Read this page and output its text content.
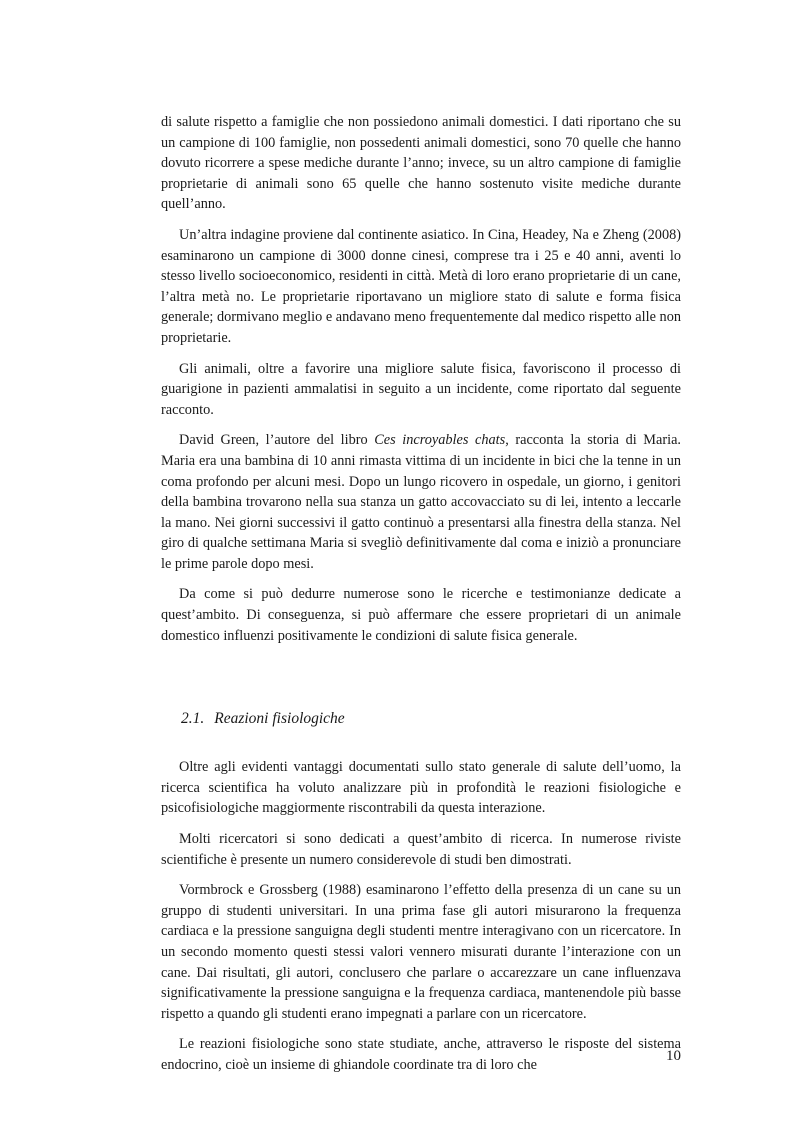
di salute rispetto a famiglie che non possiedono animali domestici. I dati riportano che su un campione di 100 famiglie, non possedenti animali domestici, sono 70 quelle che hanno dovuto ricorrere a spese mediche durante l’anno; invece, su un altro campione di famiglie proprietarie di animali sono 65 quelle che hanno sostenuto visite mediche durante quell’anno.

Un’altra indagine proviene dal continente asiatico. In Cina, Headey, Na e Zheng (2008) esaminarono un campione di 3000 donne cinesi, comprese tra i 25 e 40 anni, aventi lo stesso livello socioeconomico, residenti in città. Metà di loro erano proprietarie di un cane, l’altra metà no. Le proprietarie riportavano un migliore stato di salute e forma fisica generale; dormivano meglio e andavano meno frequentemente dal medico rispetto alle non proprietarie.

Gli animali, oltre a favorire una migliore salute fisica, favoriscono il processo di guarigione in pazienti ammalatisi in seguito a un incidente, come riportato dal seguente racconto.

David Green, l’autore del libro Ces incroyables chats, racconta la storia di Maria. Maria era una bambina di 10 anni rimasta vittima di un incidente in bici che la tenne in un coma profondo per alcuni mesi. Dopo un lungo ricovero in ospedale, un giorno, i genitori della bambina trovarono nella sua stanza un gatto accovacciato su di lei, intento a leccarle la mano. Nei giorni successivi il gatto continuò a presentarsi alla finestra della stanza. Nel giro di qualche settimana Maria si svegliò definitivamente dal coma e iniziò a pronunciare le prime parole dopo mesi.

Da come si può dedurre numerose sono le ricerche e testimonianze dedicate a quest’ambito. Di conseguenza, si può affermare che essere proprietari di un animale domestico influenzi positivamente le condizioni di salute fisica generale.

2.1. Reazioni fisiologiche

Oltre agli evidenti vantaggi documentati sullo stato generale di salute dell’uomo, la ricerca scientifica ha voluto analizzare più in profondità le reazioni fisiologiche e psicofisiologiche maggiormente riscontrabili da questa interazione.

Molti ricercatori si sono dedicati a quest’ambito di ricerca. In numerose riviste scientifiche è presente un numero considerevole di studi ben dimostrati.

Vormbrock e Grossberg (1988) esaminarono l’effetto della presenza di un cane su un gruppo di studenti universitari. In una prima fase gli autori misurarono la frequenza cardiaca e la pressione sanguigna degli studenti mentre interagivano con un ricercatore. In un secondo momento questi stessi valori vennero misurati durante l’interazione con un cane. Dai risultati, gli autori, conclusero che parlare o accarezzare un cane influenzava significativamente la pressione sanguigna e la frequenza cardiaca, mantenendole più basse rispetto a quando gli studenti erano impegnati a parlare con un ricercatore.

Le reazioni fisiologiche sono state studiate, anche, attraverso le risposte del sistema endocrino, cioè un insieme di ghiandole coordinate tra di loro che

10
